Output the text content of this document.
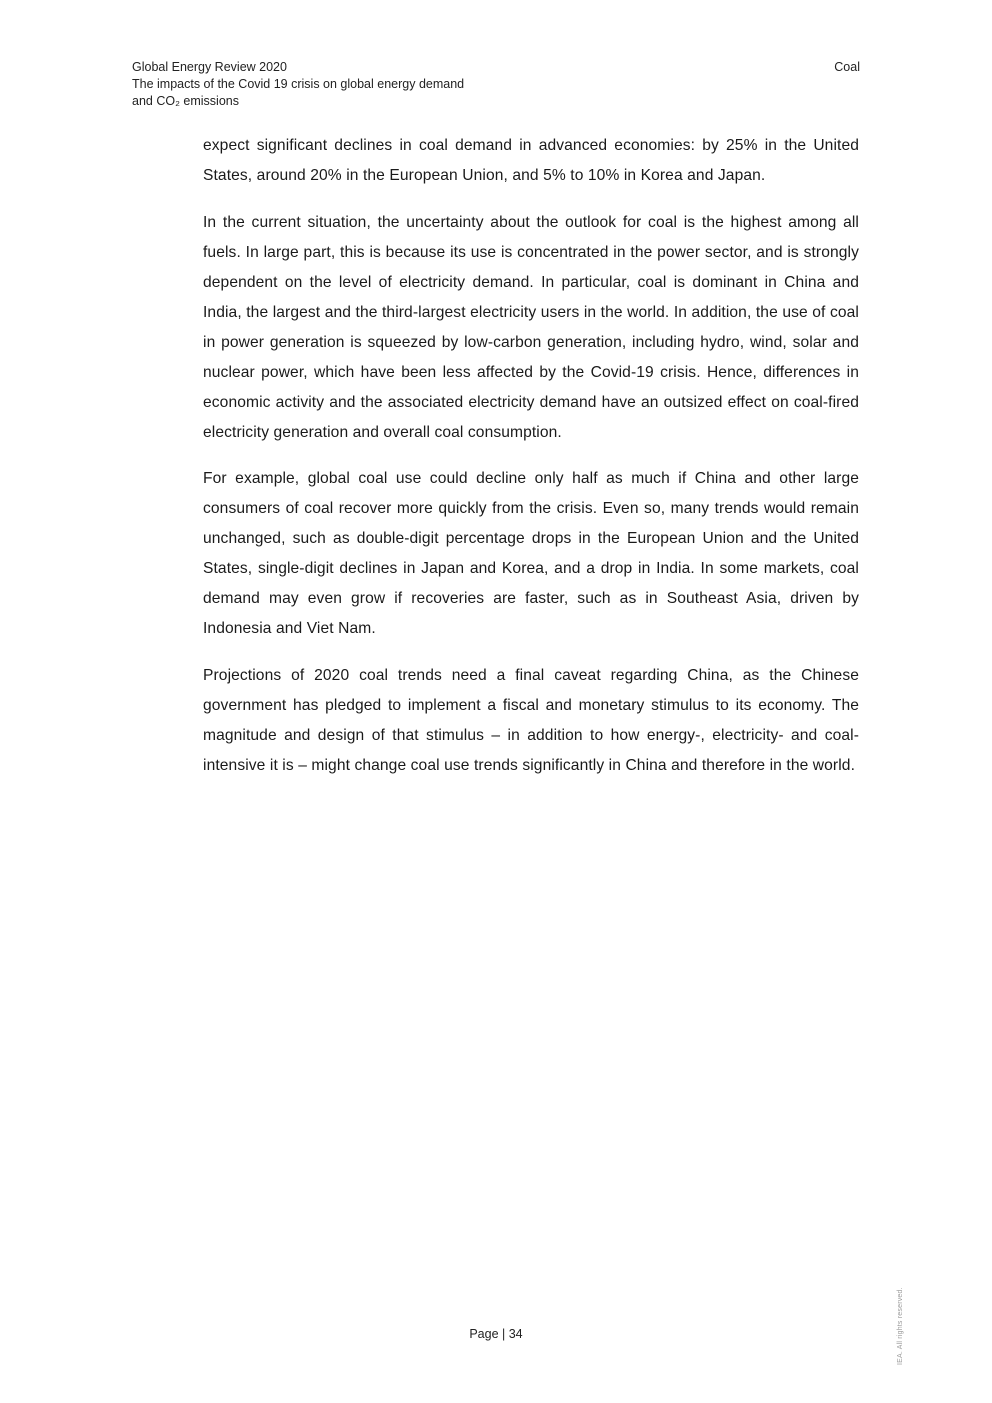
Global Energy Review 2020
The impacts of the Covid 19 crisis on global energy demand
and CO₂ emissions
Coal

expect significant declines in coal demand in advanced economies: by 25% in the United States, around 20% in the European Union, and 5% to 10% in Korea and Japan.

In the current situation, the uncertainty about the outlook for coal is the highest among all fuels. In large part, this is because its use is concentrated in the power sector, and is strongly dependent on the level of electricity demand. In particular, coal is dominant in China and India, the largest and the third-largest electricity users in the world. In addition, the use of coal in power generation is squeezed by low-carbon generation, including hydro, wind, solar and nuclear power, which have been less affected by the Covid-19 crisis. Hence, differences in economic activity and the associated electricity demand have an outsized effect on coal-fired electricity generation and overall coal consumption.

For example, global coal use could decline only half as much if China and other large consumers of coal recover more quickly from the crisis. Even so, many trends would remain unchanged, such as double-digit percentage drops in the European Union and the United States, single-digit declines in Japan and Korea, and a drop in India. In some markets, coal demand may even grow if recoveries are faster, such as in Southeast Asia, driven by Indonesia and Viet Nam.

Projections of 2020 coal trends need a final caveat regarding China, as the Chinese government has pledged to implement a fiscal and monetary stimulus to its economy. The magnitude and design of that stimulus – in addition to how energy-, electricity- and coal-intensive it is – might change coal use trends significantly in China and therefore in the world.

Page | 34	IEA. All rights reserved.
